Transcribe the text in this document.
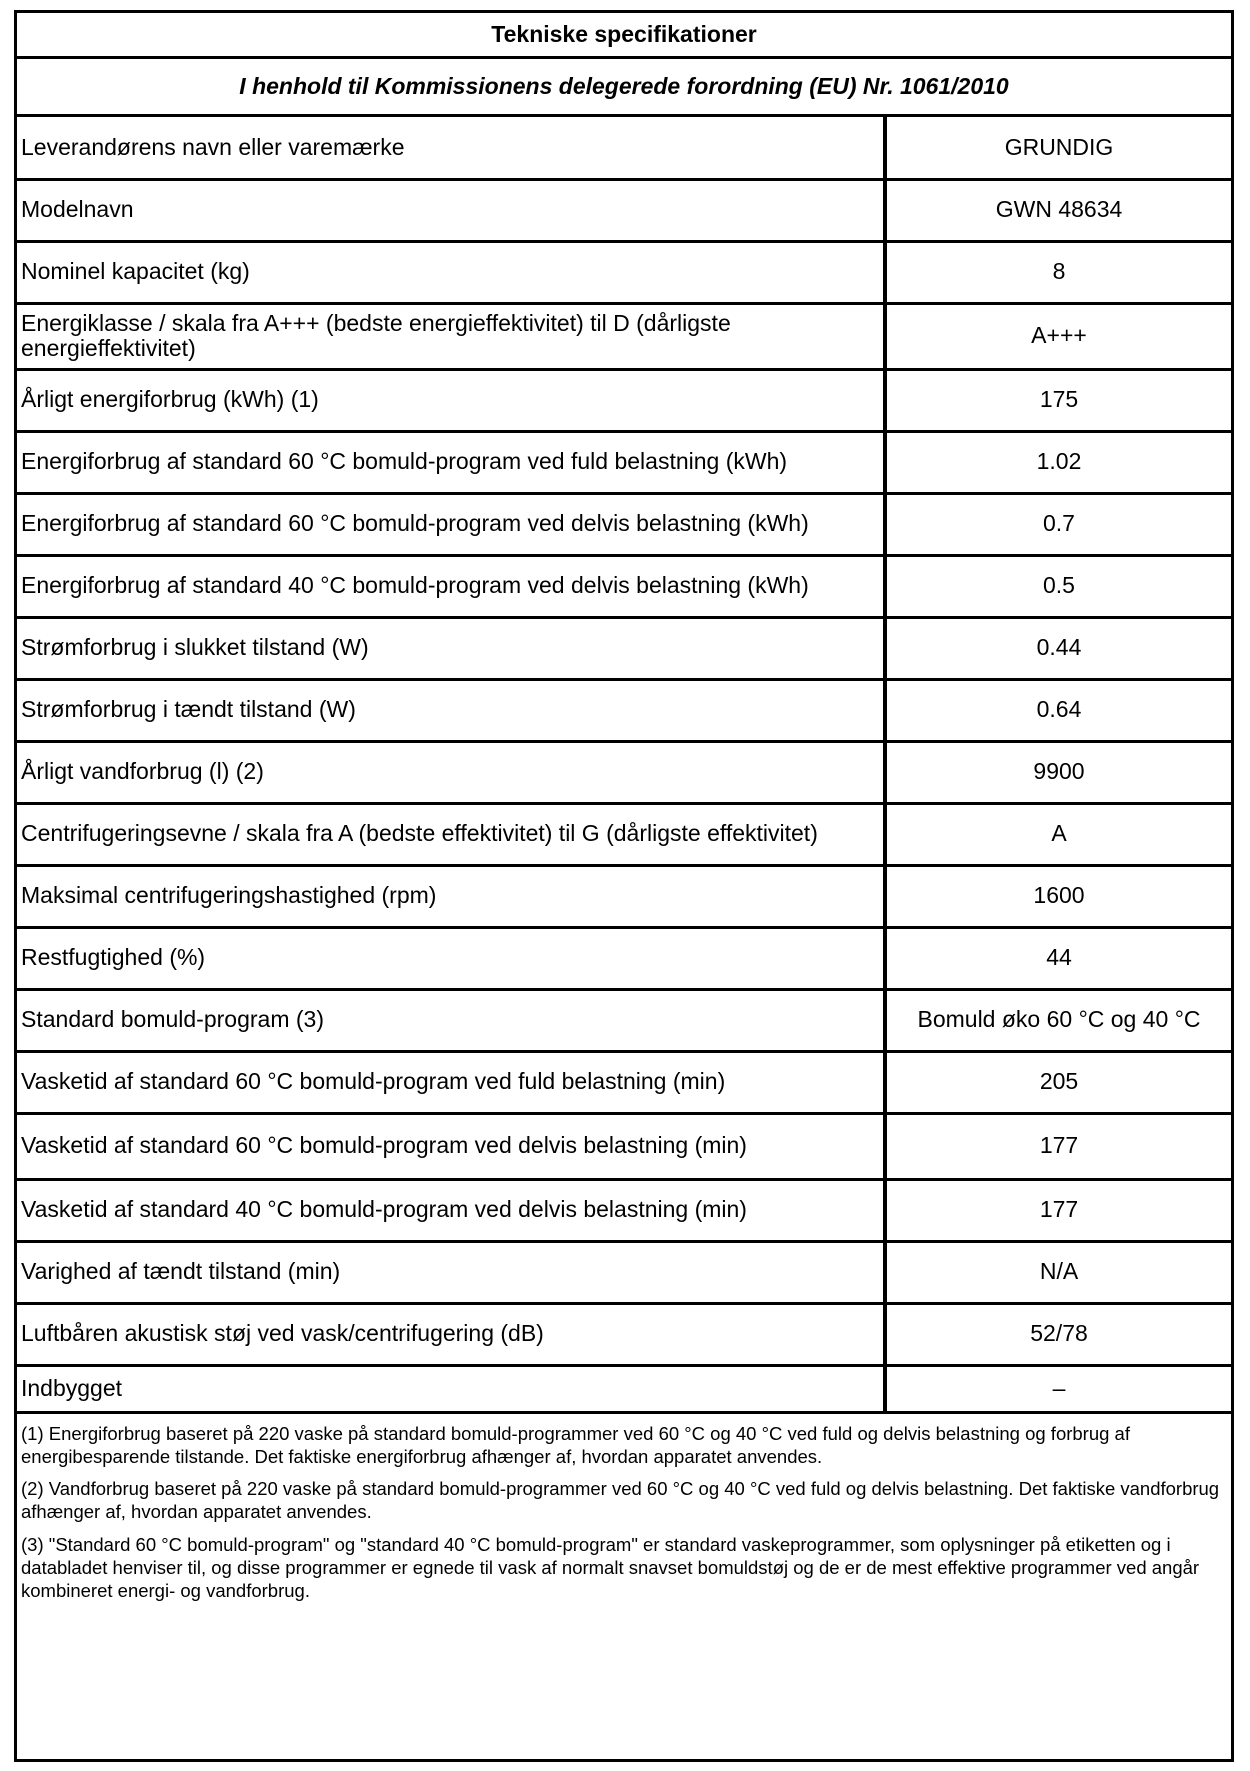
Tekniske specifikationer
I henhold til Kommissionens delegerede forordning (EU) Nr. 1061/2010
Leverandørens navn eller varemærke	GRUNDIG
Modelnavn	GWN 48634
Nominel kapacitet (kg)	8
Energiklasse / skala fra A+++ (bedste energieffektivitet) til D (dårligste energieffektivitet)	A+++
Årligt energiforbrug (kWh) (1)	175
Energiforbrug af standard 60 °C bomuld-program ved fuld belastning (kWh)	1.02
Energiforbrug af standard 60 °C bomuld-program ved delvis belastning (kWh)	0.7
Energiforbrug af standard 40 °C bomuld-program ved delvis belastning (kWh)	0.5
Strømforbrug i slukket tilstand (W)	0.44
Strømforbrug i tændt tilstand (W)	0.64
Årligt vandforbrug (l) (2)	9900
Centrifugeringsevne / skala fra A (bedste effektivitet) til G (dårligste effektivitet)	A
Maksimal centrifugeringshastighed (rpm)	1600
Restfugtighed (%)	44
Standard bomuld-program (3)	Bomuld øko 60 °C og 40 °C
Vasketid af standard 60 °C bomuld-program ved fuld belastning (min)	205
Vasketid af standard 60 °C bomuld-program ved delvis belastning (min)	177
Vasketid af standard 40 °C bomuld-program ved delvis belastning (min)	177
Varighed af tændt tilstand (min)	N/A
Luftbåren akustisk støj ved vask/centrifugering (dB)	52/78
Indbygget	–

(1) Energiforbrug baseret på 220 vaske på standard bomuld-programmer ved 60 °C og 40 °C ved fuld og delvis belastning og forbrug af energibesparende tilstande. Det faktiske energiforbrug afhænger af, hvordan apparatet anvendes.

(2) Vandforbrug baseret på 220 vaske på standard bomuld-programmer ved 60 °C og 40 °C ved fuld og delvis belastning. Det faktiske vandforbrug afhænger af, hvordan apparatet anvendes.

(3) "Standard 60 °C bomuld-program" og "standard 40 °C bomuld-program" er standard vaskeprogrammer, som oplysninger på etiketten og i databladet henviser til, og disse programmer er egnede til vask af normalt snavset bomuldstøj og de er de mest effektive programmer ved angår kombineret energi- og vandforbrug.
